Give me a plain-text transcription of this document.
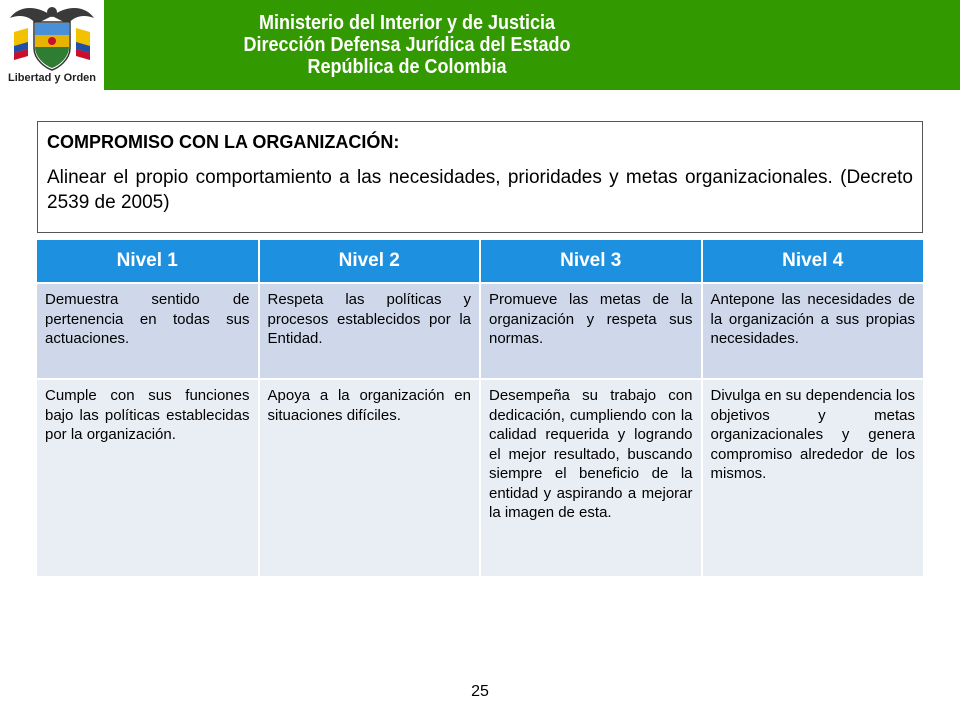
Libertad y Orden
Ministerio del Interior y de Justicia
Dirección Defensa Jurídica del Estado
República de Colombia

COMPROMISO CON LA ORGANIZACIÓN:

Alinear el propio comportamiento a las necesidades, prioridades y metas organizacionales. (Decreto 2539 de 2005)

Nivel 1	Nivel 2	Nivel 3	Nivel 4
Demuestra sentido de pertenencia en todas sus actuaciones.	Respeta las políticas y procesos establecidos por la Entidad.	Promueve las metas de la organización y respeta sus normas.	Antepone las necesidades de la organización a sus propias necesidades.
Cumple con sus funciones bajo las políticas establecidas por la organización.	Apoya a la organización en situaciones difíciles.	Desempeña su trabajo con dedicación, cumpliendo con la calidad requerida y logrando el mejor resultado, buscando siempre el beneficio de la entidad y aspirando a mejorar la imagen de esta.	Divulga en su dependencia los objetivos y metas organizacionales y genera compromiso alrededor de los mismos.
25
